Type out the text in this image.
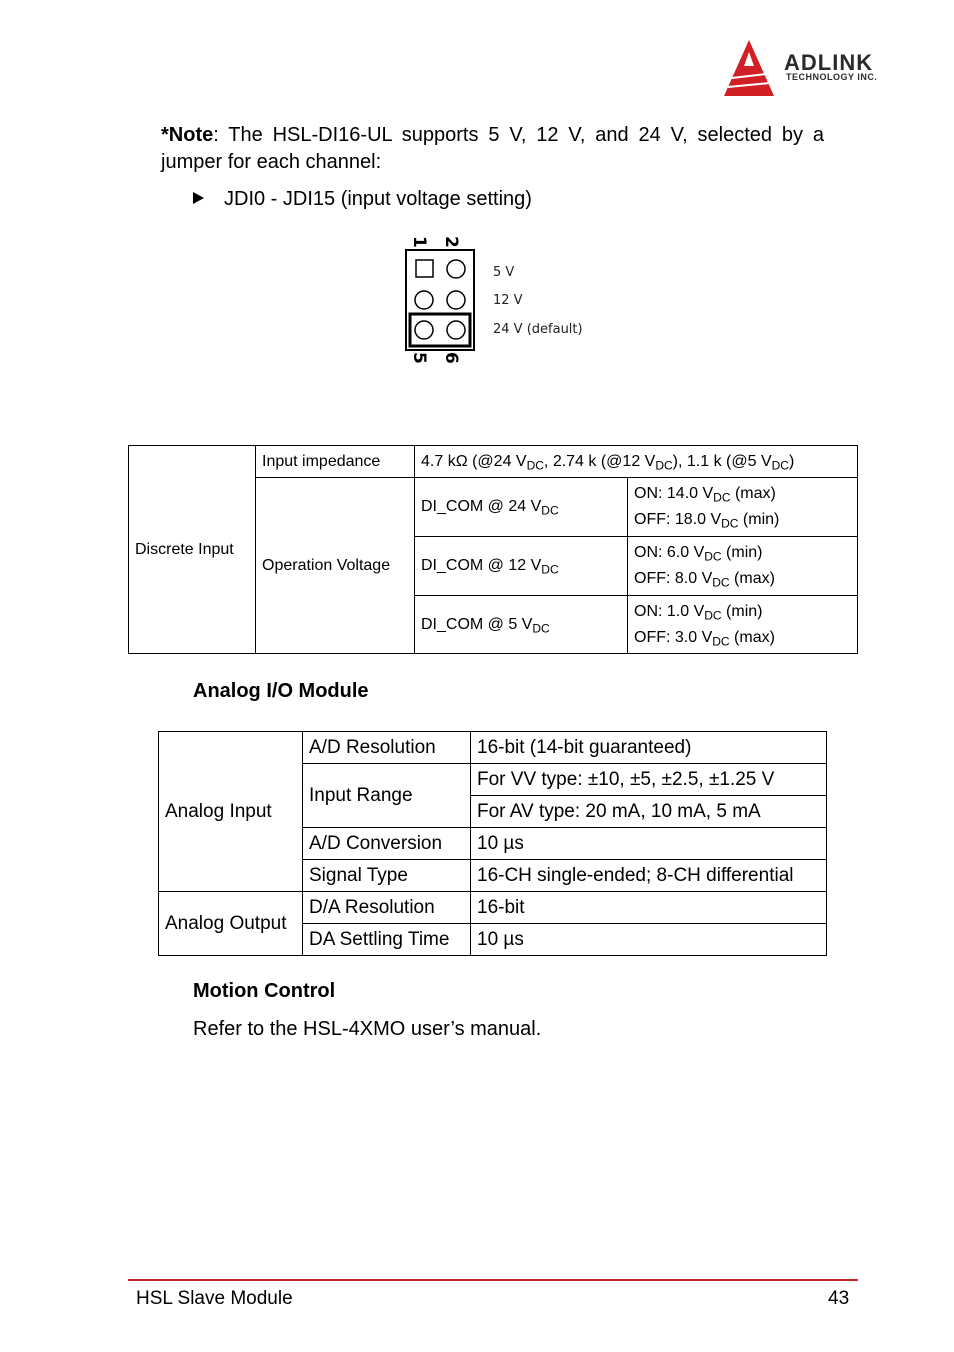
ADLINK
TECHNOLOGY INC.
*Note: The HSL-DI16-UL supports 5 V, 12 V, and 24 V, selected by a jumper for each channel:
JDI0 - JDI15 (input voltage setting)
1 2
5 6
5 V
12 V
24 V (default)
Discrete Input	Input impedance	4.7 kΩ (@24 $V_{DC}$, 2.74 k (@12 $V_{DC}$), 1.1 k (@5 $V_{DC}$)	
	Operation Voltage	DI_COM @ 24 $V_{DC}$	ON: 14.0 $V_{DC}$ (max)
OFF: 18.0 $V_{DC}$ (min)

		DI_COM @ 12 $V_{DC}$	ON: 6.0 $V_{DC}$ (min)
OFF: 8.0 $V_{DC}$ (max)

		DI_COM @ 5 $V_{DC}$	ON: 1.0 $V_{DC}$ (min)
OFF: 3.0 $V_{DC}$ (max)
Analog I/O Module
Analog Input	A/D Resolution	16-bit (14-bit guaranteed)
	Input Range	For VV type: ±10, ±5, ±2.5, ±1.25 V
		For AV type: 20 mA, 10 mA, 5 mA
	A/D Conversion	10 µs
	Signal Type	16-CH single-ended; 8-CH differential
Analog Output	D/A Resolution	16-bit
	DA Settling Time	10 µs
Motion Control
Refer to the HSL-4XMO user’s manual.
HSL Slave Module	43
